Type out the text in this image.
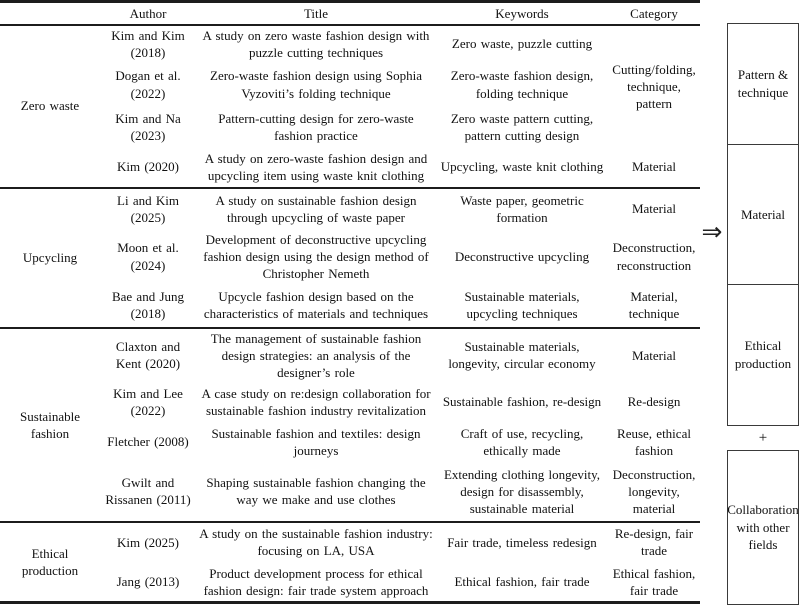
	Author	Title	Keywords	Category
Zero waste	Kim and Kim (2018)	A study on zero waste fashion design with puzzle cutting techniques	Zero waste, puzzle cutting	Cutting/folding, technique, pattern
	Dogan et al. (2022)	Zero-waste fashion design using Sophia Vyzoviti’s folding technique	Zero-waste fashion design, folding technique	
	Kim and Na (2023)	Pattern-cutting design for zero-waste fashion practice	Zero waste pattern cutting, pattern cutting design	
	Kim (2020)	A study on zero-waste fashion design and upcycling item using waste knit clothing	Upcycling, waste knit clothing	Material
Upcycling	Li and Kim (2025)	A study on sustainable fashion design through upcycling of waste paper	Waste paper, geometric formation	Material
	Moon et al. (2024)	Development of deconstructive upcycling fashion design using the design method of Christopher Nemeth	Deconstructive upcycling	Deconstruction,reconstruction
	Bae and Jung (2018)	Upcycle fashion design based on the characteristics of materials and techniques	Sustainable materials, upcycling techniques	Material, technique
Sustainable fashion	Claxton and Kent (2020)	The management of sustainable fashion design strategies: an analysis of the designer’s role	Sustainable materials, longevity, circular economy	Material
	Kim and Lee (2022)	A case study on re:design collaboration for sustainable fashion industry revitalization	Sustainable fashion, re-design	Re-design
	Fletcher (2008)	Sustainable fashion and textiles: design journeys	Craft of use, recycling, ethically made	Reuse, ethical fashion
	Gwilt and Rissanen (2011)	Shaping sustainable fashion changing the way we make and use clothes	Extending clothing longevity, design for disassembly, sustainable material	Deconstruction,longevity, material
Ethical production	Kim (2025)	A study on the sustainable fashion industry: focusing on LA, USA	Fair trade, timeless redesign	Re-design, fair trade
	Jang (2013)	Product development process for ethical fashion design: fair trade system approach	Ethical fashion, fair trade	Ethical fashion, fair trade
⇒
Pattern & technique
Material
Ethical production
+
Collaboration with other fields
